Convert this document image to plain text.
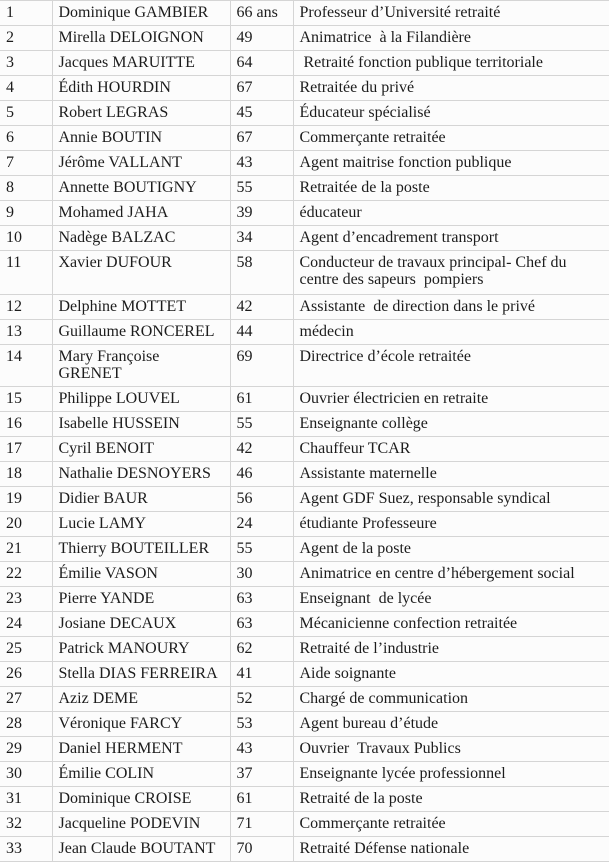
1	Dominique GAMBIER	66 ans	Professeur d’Université retraité
2	Mirella DELOIGNON	49	Animatrice  à la Filandière
3	Jacques MARUITTE	64	Retraité fonction publique territoriale
4	Édith HOURDIN	67	Retraitée du privé
5	Robert LEGRAS	45	Éducateur spécialisé
6	Annie BOUTIN	67	Commerçante retraitée
7	Jérôme VALLANT	43	Agent maitrise fonction publique
8	Annette BOUTIGNY	55	Retraitée de la poste
9	Mohamed JAHA	39	éducateur
10	Nadège BALZAC	34	Agent d’encadrement transport
11	Xavier DUFOUR	58	Conducteur de travaux principal- Chef du centre des sapeurs  pompiers
12	Delphine MOTTET	42	Assistante  de direction dans le privé
13	Guillaume RONCEREL	44	médecin
14	Mary Françoise GRENET	69	Directrice d’école retraitée
15	Philippe LOUVEL	61	Ouvrier électricien en retraite
16	Isabelle HUSSEIN	55	Enseignante collège
17	Cyril BENOIT	42	Chauffeur TCAR
18	Nathalie DESNOYERS	46	Assistante maternelle
19	Didier BAUR	56	Agent GDF Suez, responsable syndical
20	Lucie LAMY	24	étudiante Professeure
21	Thierry BOUTEILLER	55	Agent de la poste
22	Émilie VASON	30	Animatrice en centre d’hébergement social
23	Pierre YANDE	63	Enseignant  de lycée
24	Josiane DECAUX	63	Mécanicienne confection retraitée
25	Patrick MANOURY	62	Retraité de l’industrie
26	Stella DIAS FERREIRA	41	Aide soignante
27	Aziz DEME	52	Chargé de communication
28	Véronique FARCY	53	Agent bureau d’étude
29	Daniel HERMENT	43	Ouvrier  Travaux Publics
30	Émilie COLIN	37	Enseignante lycée professionnel
31	Dominique CROISE	61	Retraité de la poste
32	Jacqueline PODEVIN	71	Commerçante retraitée
33	Jean Claude BOUTANT	70	Retraité Défense nationale
